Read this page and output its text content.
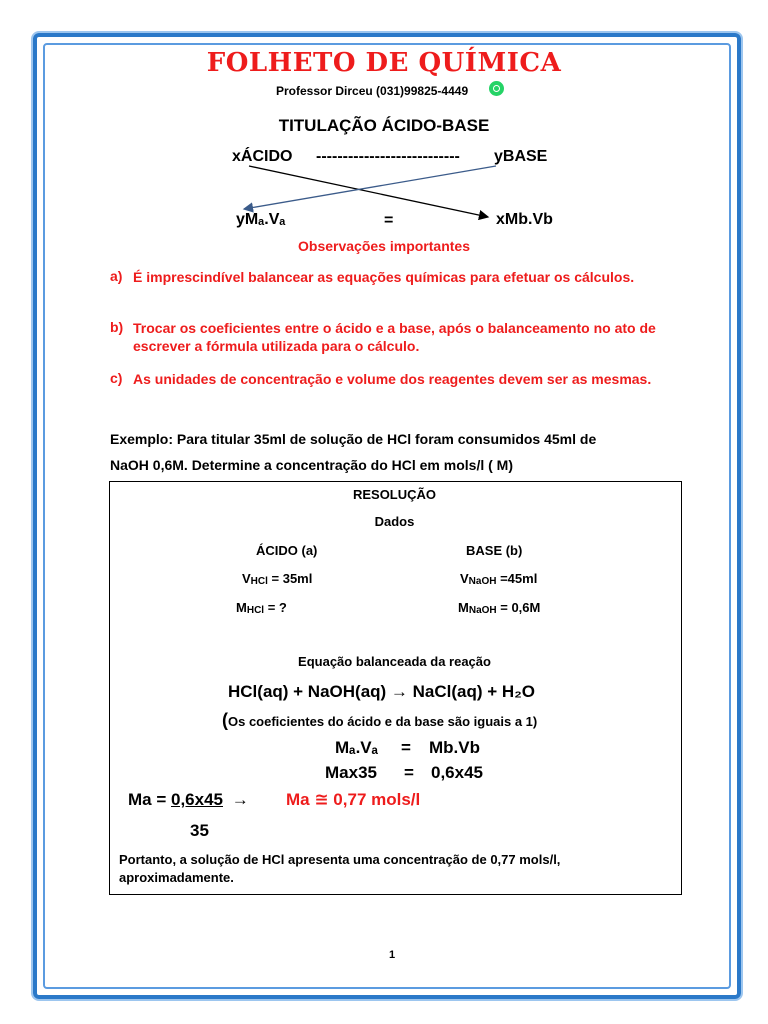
FOLHETO DE QUÍMICA
Professor Dirceu (031)99825-4449
TITULAÇÃO ÁCIDO-BASE
xÁCIDO --------------------------- yBASE
yMₐ.Vₐ	=	xMb.Vb
Observações importantes
a) É imprescindível balancear as equações químicas para efetuar os cálculos.
b) Trocar os coeficientes entre o ácido e a base, após o balanceamento no ato de escrever a fórmula utilizada para o cálculo.
c) As unidades de concentração e volume dos reagentes devem ser as mesmas.
Exemplo: Para titular 35ml de solução de HCl foram consumidos 45ml de
NaOH 0,6M. Determine a concentração do HCl em mols/l ( M)
RESOLUÇÃO
Dados
ÁCIDO (a)	BASE (b)
$V_{HCl} = 35ml$	$V_{NaOH} =45ml$
$M_{HCl}$ = ?	$M_{NaOH} = 0,6M$
Equação balanceada da reação
HCl(aq) + NaOH(aq) → NaCl(aq) + H₂O
(Os coeficientes do ácido e da base são iguais a 1)
Mₐ.Vₐ = Mb.Vb
Max35 = 0,6x45
Ma = 0,6x45 → Ma ≅ 0,77 mols/l
35
Portanto, a solução de HCl apresenta uma concentração de 0,77 mols/l,
aproximadamente.
1
